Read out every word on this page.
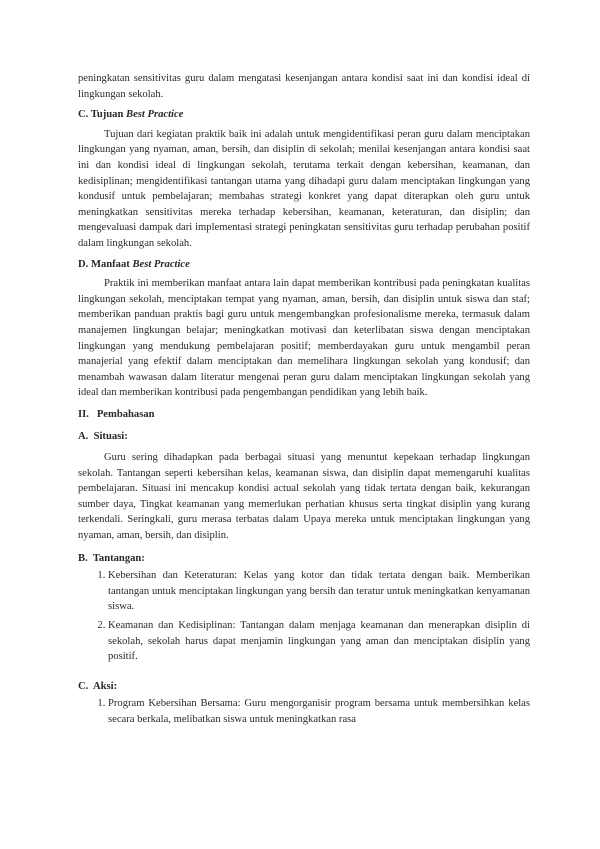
peningkatan sensitivitas guru dalam mengatasi kesenjangan antara kondisi saat ini dan kondisi ideal di lingkungan sekolah.

C. Tujuan Best Practice

Tujuan dari kegiatan praktik baik ini adalah untuk mengidentifikasi peran guru dalam menciptakan lingkungan yang nyaman, aman, bersih, dan disiplin di sekolah; menilai kesenjangan antara kondisi saat ini dan kondisi ideal di lingkungan sekolah, terutama terkait dengan kebersihan, keamanan, dan kedisiplinan; mengidentifikasi tantangan utama yang dihadapi guru dalam menciptakan lingkungan yang kondusif untuk pembelajaran; membahas strategi konkret yang dapat diterapkan oleh guru untuk meningkatkan sensitivitas mereka terhadap kebersihan, keamanan, keteraturan, dan disiplin; dan mengevaluasi dampak dari implementasi strategi peningkatan sensitivitas guru terhadap perubahan positif dalam lingkungan sekolah.

D. Manfaat Best Practice

Praktik ini memberikan manfaat antara lain dapat memberikan kontribusi pada peningkatan kualitas lingkungan sekolah, menciptakan tempat yang nyaman, aman, bersih, dan disiplin untuk siswa dan staf; memberikan panduan praktis bagi guru untuk mengembangkan profesionalisme mereka, termasuk dalam manajemen lingkungan belajar; meningkatkan motivasi dan keterlibatan siswa dengan menciptakan lingkungan yang mendukung pembelajaran positif; memberdayakan guru untuk mengambil peran manajerial yang efektif dalam menciptakan dan memelihara lingkungan sekolah yang kondusif; dan menambah wawasan dalam literatur mengenai peran guru dalam menciptakan lingkungan sekolah yang ideal dan memberikan kontribusi pada pengembangan pendidikan yang lebih baik.

II.   Pembahasan
A.  Situasi:

Guru sering dihadapkan pada berbagai situasi yang menuntut kepekaan terhadap lingkungan sekolah. Tantangan seperti kebersihan kelas, keamanan siswa, dan disiplin dapat memengaruhi kualitas pembelajaran. Situasi ini mencakup kondisi actual sekolah yang tidak tertata dengan baik, kekurangan sumber daya, Tingkat keamanan yang memerlukan perhatian khusus serta tingkat disiplin yang kurang terkendali. Seringkali, guru merasa terbatas dalam Upaya mereka untuk menciptakan lingkungan yang nyaman, aman, bersih, dan disiplin.

B.  Tantangan:
1. Kebersihan dan Keteraturan: Kelas yang kotor dan tidak tertata dengan baik. Memberikan tantangan untuk menciptakan lingkungan yang bersih dan teratur untuk meningkatkan kenyamanan siswa.
2. Keamanan dan Kedisiplinan: Tantangan dalam menjaga keamanan dan menerapkan disiplin di sekolah, sekolah harus dapat menjamin lingkungan yang aman dan menciptakan disiplin yang positif.
C.  Aksi:
1. Program Kebersihan Bersama: Guru mengorganisir program bersama untuk membersihkan kelas secara berkala, melibatkan siswa untuk meningkatkan rasa
